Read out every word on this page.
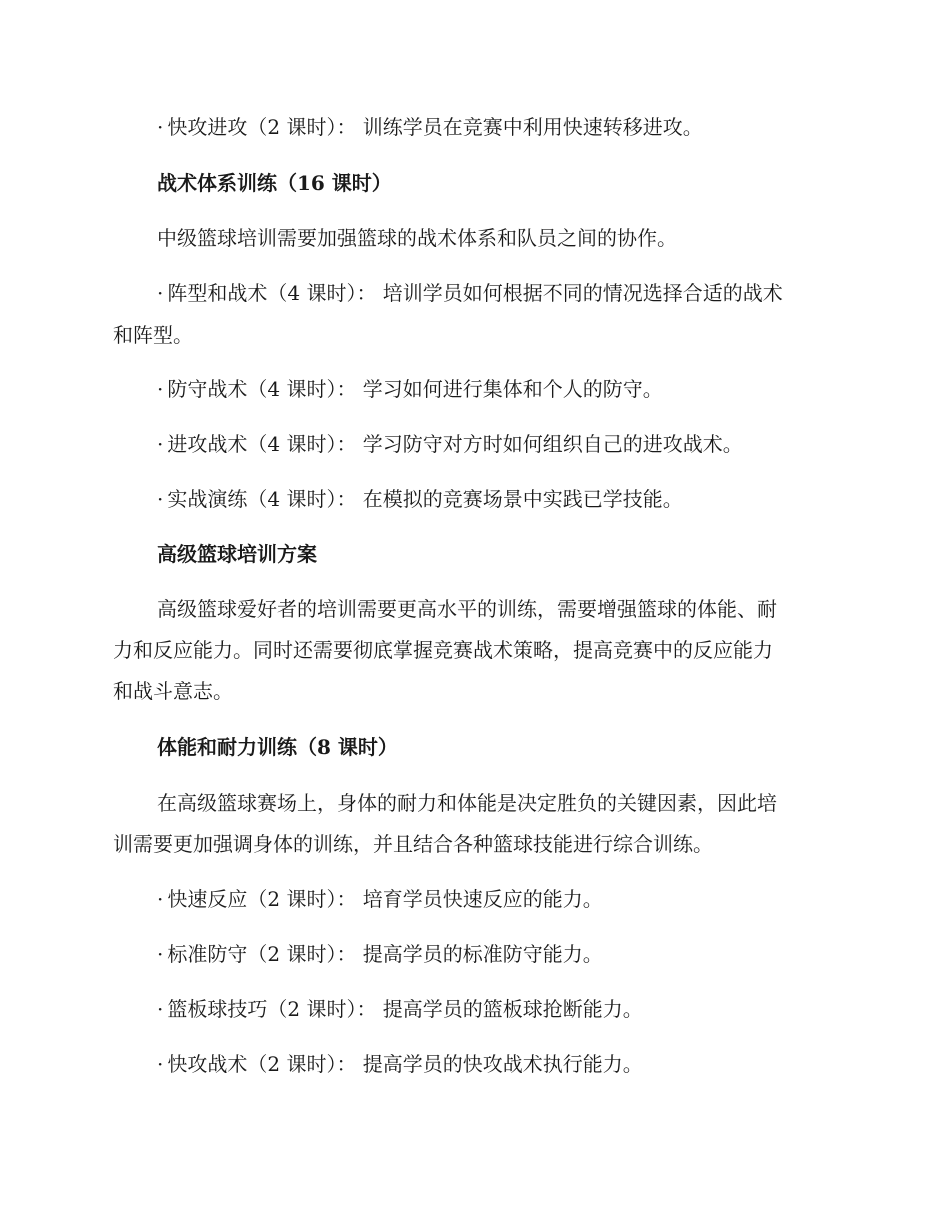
· 快攻进攻（2 课时）： 训练学员在竞赛中利用快速转移进攻。
战术体系训练（16 课时）
中级篮球培训需要加强篮球的战术体系和队员之间的协作。
· 阵型和战术（4 课时）： 培训学员如何根据不同的情况选择合适的战术
和阵型。
· 防守战术（4 课时）： 学习如何进行集体和个人的防守。
· 进攻战术（4 课时）： 学习防守对方时如何组织自己的进攻战术。
· 实战演练（4 课时）： 在模拟的竞赛场景中实践已学技能。
高级篮球培训方案
高级篮球爱好者的培训需要更高水平的训练，需要增强篮球的体能、耐
力和反应能力。同时还需要彻底掌握竞赛战术策略，提高竞赛中的反应能力
和战斗意志。
体能和耐力训练（8 课时）
在高级篮球赛场上，身体的耐力和体能是决定胜负的关键因素，因此培
训需要更加强调身体的训练，并且结合各种篮球技能进行综合训练。
· 快速反应（2 课时）： 培育学员快速反应的能力。
· 标准防守（2 课时）： 提高学员的标准防守能力。
· 篮板球技巧（2 课时）： 提高学员的篮板球抢断能力。
· 快攻战术（2 课时）： 提高学员的快攻战术执行能力。
